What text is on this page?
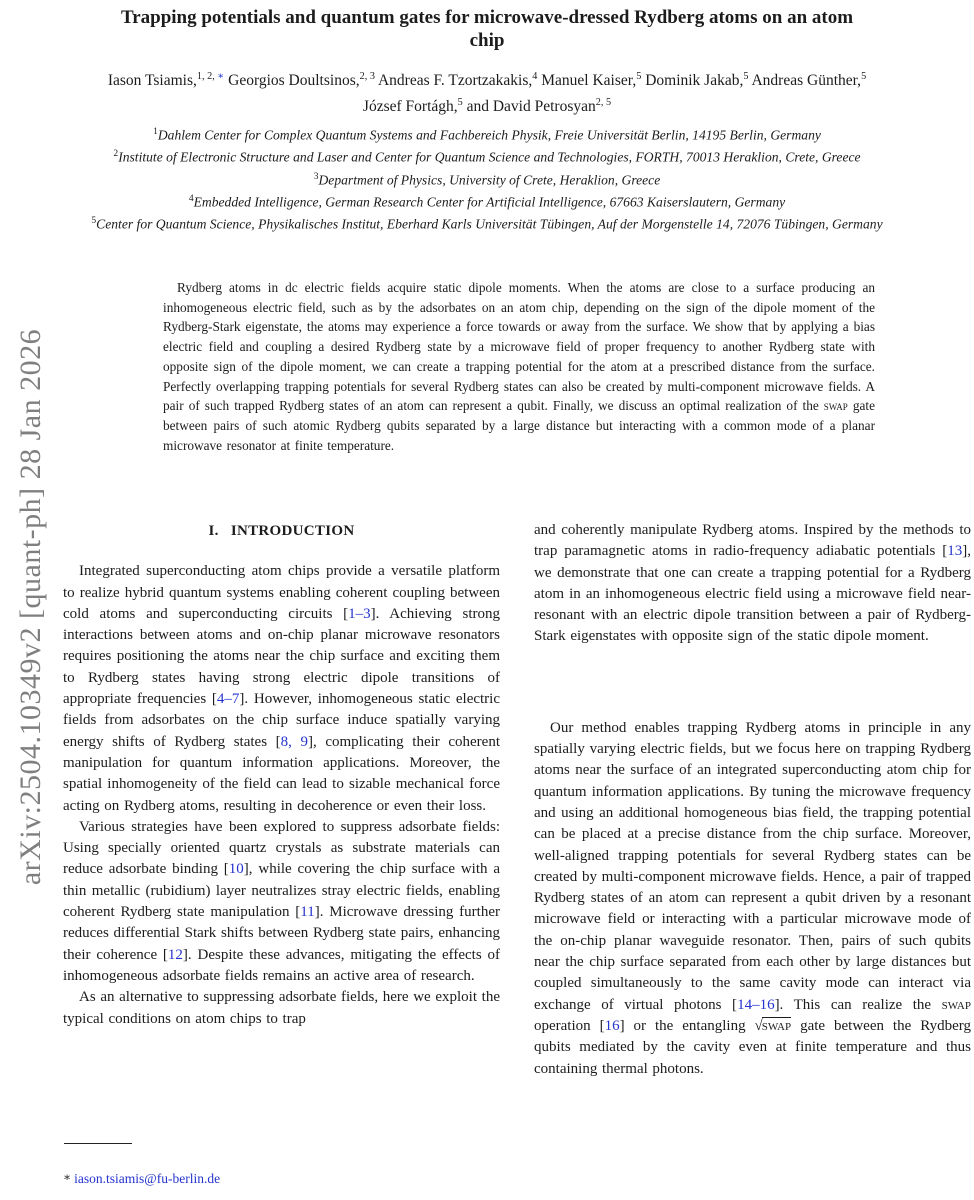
arXiv:2504.10349v2 [quant-ph] 28 Jan 2026
Trapping potentials and quantum gates for microwave-dressed Rydberg atoms on an atom chip
Iason Tsiamis,$^{1, 2, ∗}$ Georgios Doultsinos,$^{2, 3}$ Andreas F. Tzortzakakis,$^4$ Manuel Kaiser,$^5$ Dominik Jakab,$^5$ Andreas Günther,$^5$ József Fortágh,$^5$ and David Petrosyan$^{2, 5}$
$^1$Dahlem Center for Complex Quantum Systems and Fachbereich Physik, Freie Universität Berlin, 14195 Berlin, Germany
$^2$Institute of Electronic Structure and Laser and Center for Quantum Science and Technologies, FORTH, 70013 Heraklion, Crete, Greece
$^3$Department of Physics, University of Crete, Heraklion, Greece
$^4$Embedded Intelligence, German Research Center for Artificial Intelligence, 67663 Kaiserslautern, Germany
$^5$Center for Quantum Science, Physikalisches Institut, Eberhard Karls Universität Tübingen, Auf der Morgenstelle 14, 72076 Tübingen, Germany
Rydberg atoms in dc electric fields acquire static dipole moments. When the atoms are close to a surface producing an inhomogeneous electric field, such as by the adsorbates on an atom chip, depending on the sign of the dipole moment of the Rydberg-Stark eigenstate, the atoms may experience a force towards or away from the surface. We show that by applying a bias electric field and coupling a desired Rydberg state by a microwave field of proper frequency to another Rydberg state with opposite sign of the dipole moment, we can create a trapping potential for the atom at a prescribed distance from the surface. Perfectly overlapping trapping potentials for several Rydberg states can also be created by multi-component microwave fields. A pair of such trapped Rydberg states of an atom can represent a qubit. Finally, we discuss an optimal realization of the swap gate between pairs of such atomic Rydberg qubits separated by a large distance but interacting with a common mode of a planar microwave resonator at finite temperature.
I.   INTRODUCTION

Integrated superconducting atom chips provide a versatile platform to realize hybrid quantum systems enabling coherent coupling between cold atoms and superconducting circuits [1–3]. Achieving strong interactions between atoms and on-chip planar microwave resonators requires positioning the atoms near the chip surface and exciting them to Rydberg states having strong electric dipole transitions of appropriate frequencies [4–7]. However, inhomogeneous static electric fields from adsorbates on the chip surface induce spatially varying energy shifts of Rydberg states [8, 9], complicating their coherent manipulation for quantum information applications. Moreover, the spatial inhomogeneity of the field can lead to sizable mechanical force acting on Rydberg atoms, resulting in decoherence or even their loss.

Various strategies have been explored to suppress adsorbate fields: Using specially oriented quartz crystals as substrate materials can reduce adsorbate binding [10], while covering the chip surface with a thin metallic (rubidium) layer neutralizes stray electric fields, enabling coherent Rydberg state manipulation [11]. Microwave dressing further reduces differential Stark shifts between Rydberg state pairs, enhancing their coherence [12]. Despite these advances, mitigating the effects of inhomogeneous adsorbate fields remains an active area of research.

As an alternative to suppressing adsorbate fields, here we exploit the typical conditions on atom chips to trap

and coherently manipulate Rydberg atoms. Inspired by the methods to trap paramagnetic atoms in radio-frequency adiabatic potentials [13], we demonstrate that one can create a trapping potential for a Rydberg atom in an inhomogeneous electric field using a microwave field near-resonant with an electric dipole transition between a pair of Rydberg-Stark eigenstates with opposite sign of the static dipole moment.

Our method enables trapping Rydberg atoms in principle in any spatially varying electric fields, but we focus here on trapping Rydberg atoms near the surface of an integrated superconducting atom chip for quantum information applications. By tuning the microwave frequency and using an additional homogeneous bias field, the trapping potential can be placed at a precise distance from the chip surface. Moreover, well-aligned trapping potentials for several Rydberg states can be created by multi-component microwave fields. Hence, a pair of trapped Rydberg states of an atom can represent a qubit driven by a resonant microwave field or interacting with a particular microwave mode of the on-chip planar waveguide resonator. Then, pairs of such qubits near the chip surface separated from each other by large distances but coupled simultaneously to the same cavity mode can interact via exchange of virtual photons [14–16]. This can realize the swap operation [16] or the entangling √swap gate between the Rydberg qubits mediated by the cavity even at finite temperature and thus containing thermal photons.

∗ iason.tsiamis@fu-berlin.de
